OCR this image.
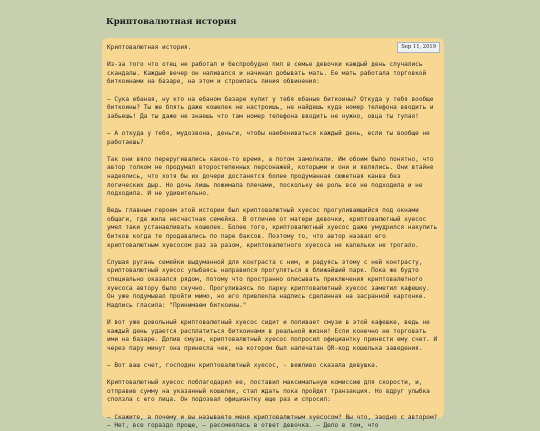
Криптовалютная история
Sep 11, 2019

Криптовалютная история.

Из-за того что отец не работал и беспробудно пил в семье девочки каждый день случались скандалы. Каждый вечер он напивался и начинал добывать мать. Ее мать работала торговкой биткоинами на базаре, на этом и строилась линия обвинения:

— Сука ебаная, ну кто на ебаном базаре купит у тебя ебаные биткоины? Откуда у тебя вообще биткоины? Ты же блять даже кошелек не настроишь, не найдешь куда номер телефона вводить и забьешь! Да ты даже не знаешь что там номер телефона вводить не нужно, овца ты тупая!

— А откуда у тебя, мудозвона, деньги, чтобы наебениваться каждый день, если ты вообще не работаешь?

Так они вяло переругивались какое-то время, а потом замолкали. Им обоим было понятно, что автор толком не продумал второстепенных персонажей, которыми и они и являлись. Они втайне надеялись, что хотя бы их дочери достанется более продуманная сюжетная канва без логических дыр. Но дочь лишь пожимала плечами, поскольку ее роль все не подходила и не подходила. И не удивительно.

Ведь главным героем этой истории был криптовалютный хуесос прогуливающийся под окнами общаги, где жила несчастная семейка. В отличие от матери девочки, криптовалютный хуесос умел таки устанавливать кошелек. Более того, криптовалютный хуесос даже умудрился накупить битков когда те продавались по паре баксов. Поэтому то, что автор назвал его криптовалютным хуесосом раз за разом, криптовалютного хуесоса не капельки не трогало.

Слушая ругань семейки выдуманной для контраста с ним, и радуясь этому с ней контрасту, криптовалютный хуесос улыбаясь направился прогуляться в ближайший парк. Пока же будто специально оказался рядом, потому что пространно описывать приключения криптовалютного хуесоса автору было скучно. Прогуливаясь по парку криптовалютный хуесос заметил кафешку. Он уже подумывал пройти мимо, но его привлекла надпись сделанная на засранной картонке. Надпись гласила: "Принимаем биткоины."

И вот уже довольный криптовалютный хуесос сидит и попивает смузи в этой кафешке, ведь не каждый день удается расплатиться биткоинами в реальной жизни! Если конечно не торговать ими на базаре. Допив смузи, криптовалютный хуесос попросил официантку принести ему счет. И через пару минут она принесла чек, на котором был напечатан QR-код кошелька заведения.

— Вот ваш счет, господин криптовалютный хуесос, - вежливо сказала девушка.

Криптовалютный хуесос поблагодарил ее, поставил максимальную комиссию для скорости, и, отправив сумму на указанный кошелек, стал ждать пока пройдет транзакция. Но вдруг улыбка сползла с его лица. Он подозвал официантку еще раз и спросил:

— Скажите, а почему и вы называете меня криптовалютным хуесосом? Вы что, заодно с автором? — Нет, все гораздо проще, — рассмеялась в ответ девочка. — Дело в том, что
